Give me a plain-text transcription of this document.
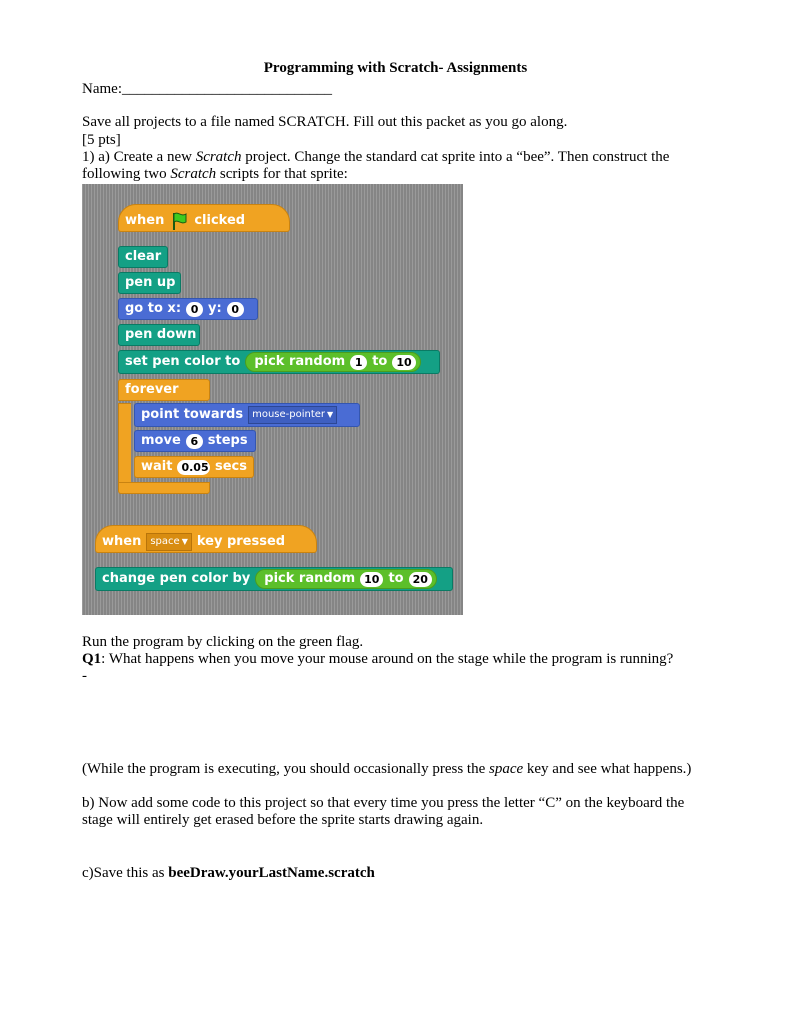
Programming with Scratch- Assignments
Name:____________________________
Save all projects to a file named SCRATCH. Fill out this packet as you go along.
[5 pts]
1) a) Create a new Scratch project. Change the standard cat sprite into a “bee”. Then construct the
following two Scratch scripts for that sprite:
when clicked
clear
pen up
go to x: 0 y: 0
pen down
set pen color to pick random 1 to 10
forever
point towards mouse-pointer ▼
move 6 steps
wait 0.05 secs
when space ▼ key pressed
change pen color by pick random 10 to 20
Run the program by clicking on the green flag.
Q1: What happens when you move your mouse around on the stage while the program is running?
-
(While the program is executing, you should occasionally press the space key and see what happens.)
b) Now add some code to this project so that every time you press the letter “C” on the keyboard the
stage will entirely get erased before the sprite starts drawing again.
c)Save this as beeDraw.yourLastName.scratch
